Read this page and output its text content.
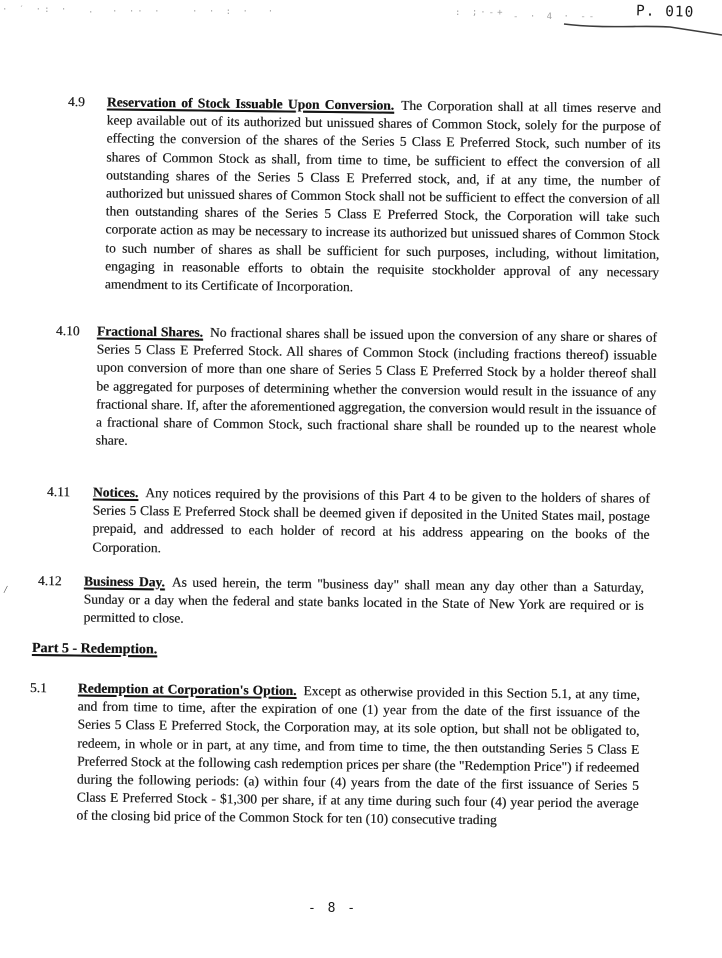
· ′ ·: · · · ·· ·	· · : ·  ·	: ;·-+ - · 4 · --	P. 010
/
4.9 Reservation of Stock Issuable Upon Conversion. The Corporation shall at all times reserve and keep available out of its authorized but unissued shares of Common Stock, solely for the purpose of effecting the conversion of the shares of the Series 5 Class E Preferred Stock, such number of its shares of Common Stock as shall, from time to time, be sufficient to effect the conversion of all outstanding shares of the Series 5 Class E Preferred stock, and, if at any time, the number of authorized but unissued shares of Common Stock shall not be sufficient to effect the conversion of all then outstanding shares of the Series 5 Class E Preferred Stock, the Corporation will take such corporate action as may be necessary to increase its authorized but unissued shares of Common Stock to such number of shares as shall be sufficient for such purposes, including, without limitation, engaging in reasonable efforts to obtain the requisite stockholder approval of any necessary amendment to its Certificate of Incorporation.
4.10 Fractional Shares. No fractional shares shall be issued upon the conversion of any share or shares of Series 5 Class E Preferred Stock. All shares of Common Stock (including fractions thereof) issuable upon conversion of more than one share of Series 5 Class E Preferred Stock by a holder thereof shall be aggregated for purposes of determining whether the conversion would result in the issuance of any fractional share. If, after the aforementioned aggregation, the conversion would result in the issuance of a fractional share of Common Stock, such fractional share shall be rounded up to the nearest whole share.
4.11 Notices. Any notices required by the provisions of this Part 4 to be given to the holders of shares of Series 5 Class E Preferred Stock shall be deemed given if deposited in the United States mail, postage prepaid, and addressed to each holder of record at his address appearing on the books of the Corporation.
4.12 Business Day. As used herein, the term "business day" shall mean any day other than a Saturday, Sunday or a day when the federal and state banks located in the State of New York are required or is permitted to close.
Part 5 - Redemption.
5.1 Redemption at Corporation's Option. Except as otherwise provided in this Section 5.1, at any time, and from time to time, after the expiration of one (1) year from the date of the first issuance of the Series 5 Class E Preferred Stock, the Corporation may, at its sole option, but shall not be obligated to, redeem, in whole or in part, at any time, and from time to time, the then outstanding Series 5 Class E Preferred Stock at the following cash redemption prices per share (the "Redemption Price") if redeemed during the following periods: (a) within four (4) years from the date of the first issuance of Series 5 Class E Preferred Stock - $1,300 per share, if at any time during such four (4) year period the average of the closing bid price of the Common Stock for ten (10) consecutive trading
- 8 -
